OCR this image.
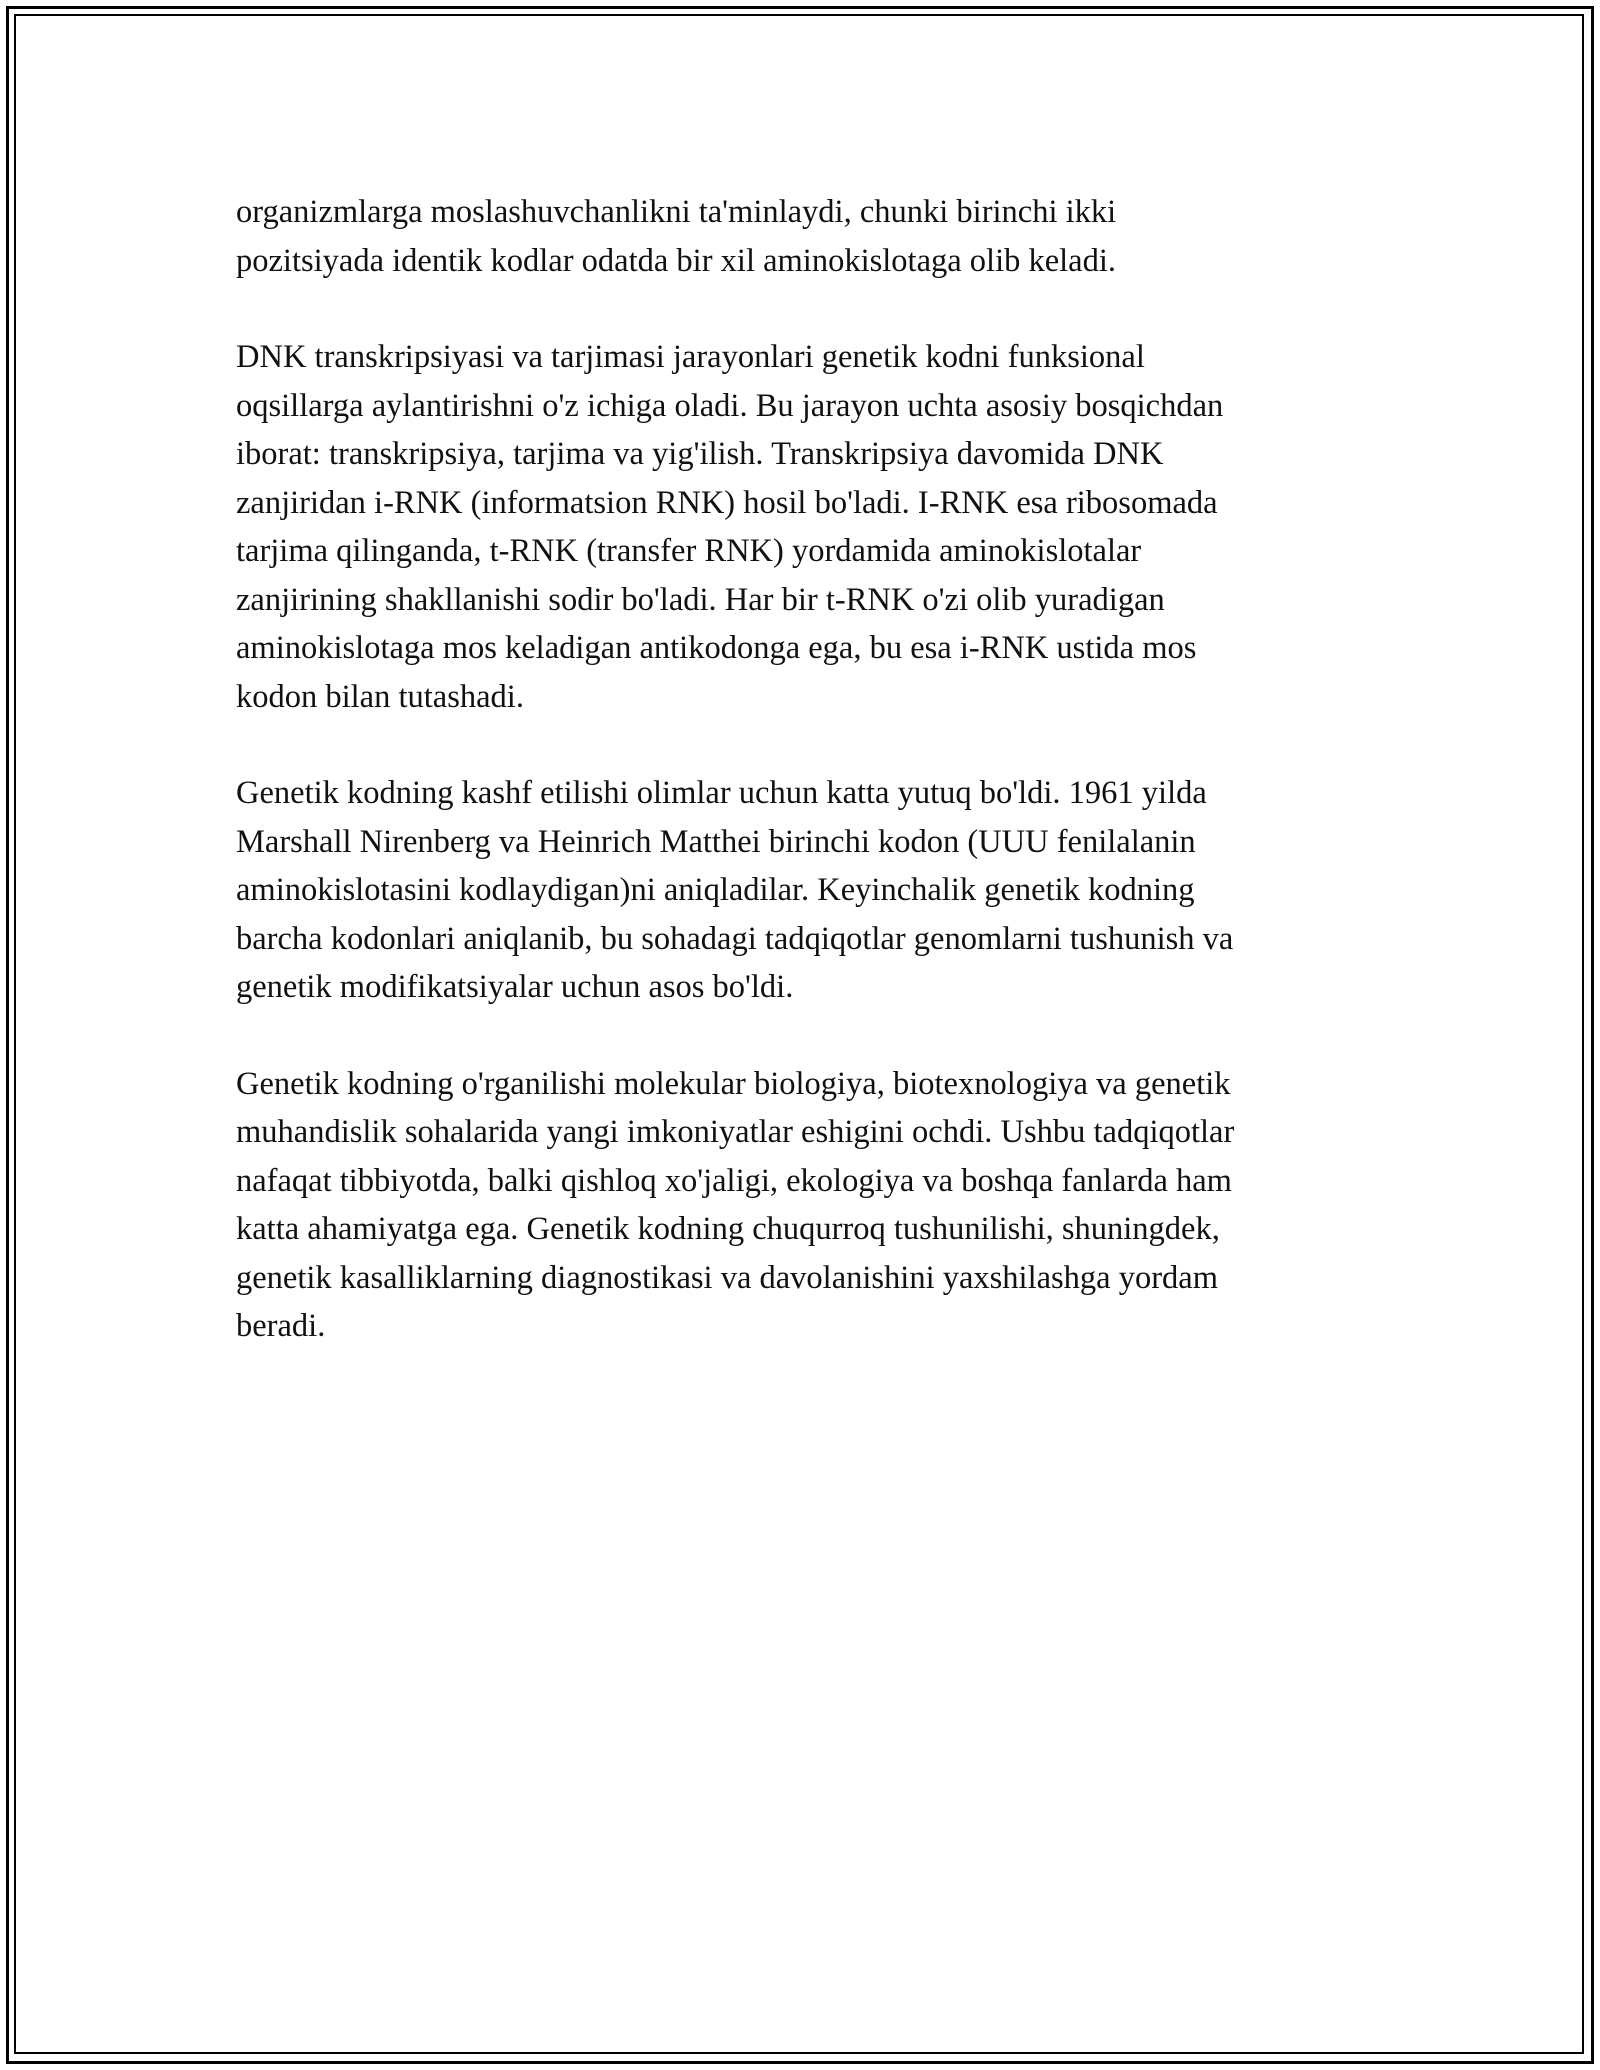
organizmlarga moslashuvchanlikni ta'minlaydi, chunki birinchi ikki
pozitsiyada identik kodlar odatda bir xil aminokislotaga olib keladi.

DNK transkripsiyasi va tarjimasi jarayonlari genetik kodni funksional
oqsillarga aylantirishni o'z ichiga oladi. Bu jarayon uchta asosiy bosqichdan
iborat: transkripsiya, tarjima va yig'ilish. Transkripsiya davomida DNK
zanjiridan i-RNK (informatsion RNK) hosil bo'ladi. I-RNK esa ribosomada
tarjima qilinganda, t-RNK (transfer RNK) yordamida aminokislotalar
zanjirining shakllanishi sodir bo'ladi. Har bir t-RNK o'zi olib yuradigan
aminokislotaga mos keladigan antikodonga ega, bu esa i-RNK ustida mos
kodon bilan tutashadi.

Genetik kodning kashf etilishi olimlar uchun katta yutuq bo'ldi. 1961 yilda
Marshall Nirenberg va Heinrich Matthei birinchi kodon (UUU fenilalanin
aminokislotasini kodlaydigan)ni aniqladilar. Keyinchalik genetik kodning
barcha kodonlari aniqlanib, bu sohadagi tadqiqotlar genomlarni tushunish va
genetik modifikatsiyalar uchun asos bo'ldi.

Genetik kodning o'rganilishi molekular biologiya, biotexnologiya va genetik
muhandislik sohalarida yangi imkoniyatlar eshigini ochdi. Ushbu tadqiqotlar
nafaqat tibbiyotda, balki qishloq xo'jaligi, ekologiya va boshqa fanlarda ham
katta ahamiyatga ega. Genetik kodning chuqurroq tushunilishi, shuningdek,
genetik kasalliklarning diagnostikasi va davolanishini yaxshilashga yordam
beradi.
